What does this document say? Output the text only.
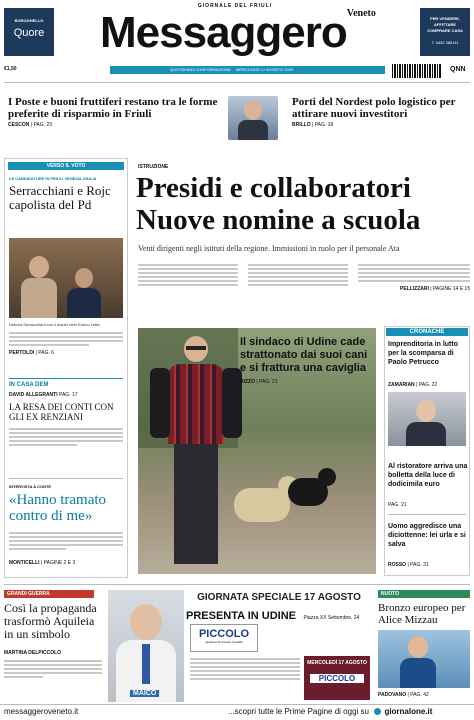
BOROGHELLO
Quore
GIORNALE DEL FRIULI
Messaggero$^{Veneto}$	PER VENDERE, AFFITTARE COMPRARE CASA
T. 0432 286111
€1,50	QUOTIDIANO D'INFORMAZIONE MERCOLEDÌ 17 AGOSTO 2022	QNN
I Poste e buoni fruttiferi restano tra le forme preferite di risparmio in Friuli
CESCON | PAG. 23
Porti del Nordest polo logistico per attirare nuovi investitori
BRILLO | PAG. 18
VERSO IL VOTO
LE CANDIDATURE IN FRIULI VENEZIA GIULIA
Serracchiani e Rojc capolista del Pd
Debora Serracchiani con il leader dem Enrico Letta
PERTOLDI | PAG. 6
IN CASA DEM
DAVID ALLEGRANTI PAG. 17
LA RESA DEI CONTI CON GLI EX RENZIANI
INTERVISTA A CONTE
«Hanno tramato contro di me»
MONTICELLI | PAGINE 2 E 3
ISTRUZIONE
Presidi e collaboratori
Nuove nomine a scuola
Venti dirigenti negli istituti della regione. Immissioni in ruolo per il personale Ata
PELLIZZARI | PAGINE 14 E 15
Il sindaco di Udine cade strattonato dai suoi cani e si frattura una caviglia
RIZZO | PAG. 21
CRONACHE
Imprenditoria in lutto per la scomparsa di Paolo Petrucco
ZAMARIAN | PAG. 22
Al ristoratore arriva una bolletta della luce di dodicimila euro
PAG. 21
Uomo aggredisce una diciottenne: lei urla e si salva
ROSSO | PAG. 31
GRANDI GUERRA
Così la propaganda trasformò Aquileia in un simbolo
MARTINA DELPICCOLO
MAICO
GIORNATA SPECIALE 17 AGOSTO
PRESENTA IN UDINE Piazza XX Settembre, 24
PICCOLO
Apparecchi Acustici Invisibili
MERCOLEDÌ 17 AGOSTO
PICCOLO
NUOTO
Bronzo europeo per Alice Mizzau
PADOVANO | PAG. 42
messaggeroveneto.it	...scopri tutte le Prime Pagine di oggi su giornalone.it
